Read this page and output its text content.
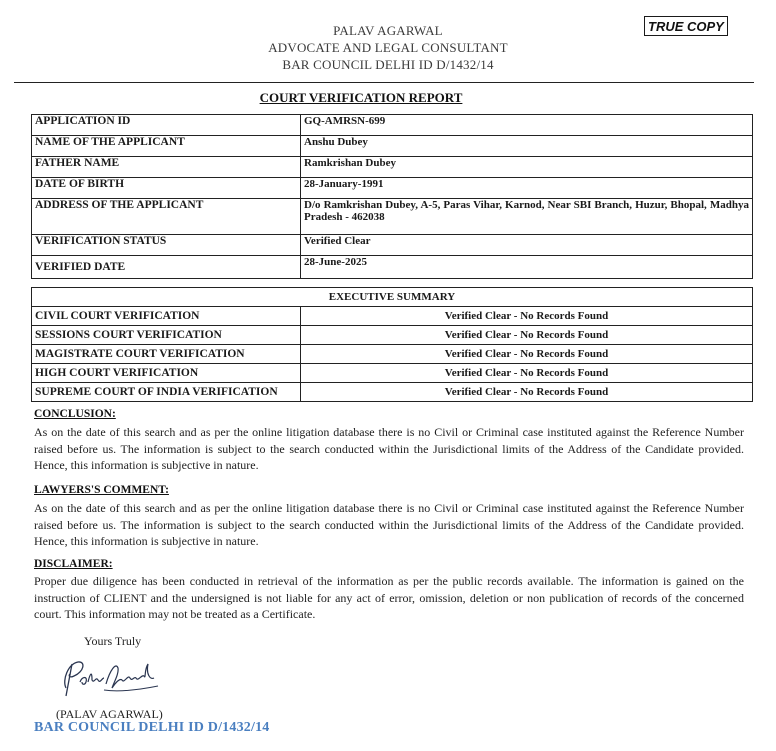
TRUE COPY
PALAV AGARWAL
ADVOCATE AND LEGAL CONSULTANT
BAR COUNCIL DELHI ID D/1432/14
COURT VERIFICATION REPORT
APPLICATION ID	GQ-AMRSN-699
NAME OF THE APPLICANT	Anshu Dubey
FATHER NAME	Ramkrishan Dubey
DATE OF BIRTH	28-January-1991
ADDRESS OF THE APPLICANT	D/o Ramkrishan Dubey, A-5, Paras Vihar, Karnod, Near SBI Branch, Huzur, Bhopal, Madhya Pradesh - 462038
VERIFICATION STATUS	Verified Clear
VERIFIED DATE	28-June-2025
EXECUTIVE SUMMARY	
CIVIL COURT VERIFICATION	Verified Clear - No Records Found
SESSIONS COURT VERIFICATION	Verified Clear - No Records Found
MAGISTRATE COURT VERIFICATION	Verified Clear - No Records Found
HIGH COURT VERIFICATION	Verified Clear - No Records Found
SUPREME COURT OF INDIA VERIFICATION	Verified Clear - No Records Found
CONCLUSION:
As on the date of this search and as per the online litigation database there is no Civil or Criminal case instituted against the Reference Number raised before us. The information is subject to the search conducted within the Jurisdictional limits of the Address of the Candidate provided. Hence, this information is subjective in nature.
LAWYERS'S COMMENT:
As on the date of this search and as per the online litigation database there is no Civil or Criminal case instituted against the Reference Number raised before us. The information is subject to the search conducted within the Jurisdictional limits of the Address of the Candidate provided. Hence, this information is subjective in nature.
DISCLAIMER:
Proper due diligence has been conducted in retrieval of the information as per the public records available. The information is gained on the instruction of CLIENT and the undersigned is not liable for any act of error, omission, deletion or non publication of records of the concerned court. This information may not be treated as a Certificate.
Yours Truly
(PALAV AGARWAL)
BAR COUNCIL DELHI ID D/1432/14
